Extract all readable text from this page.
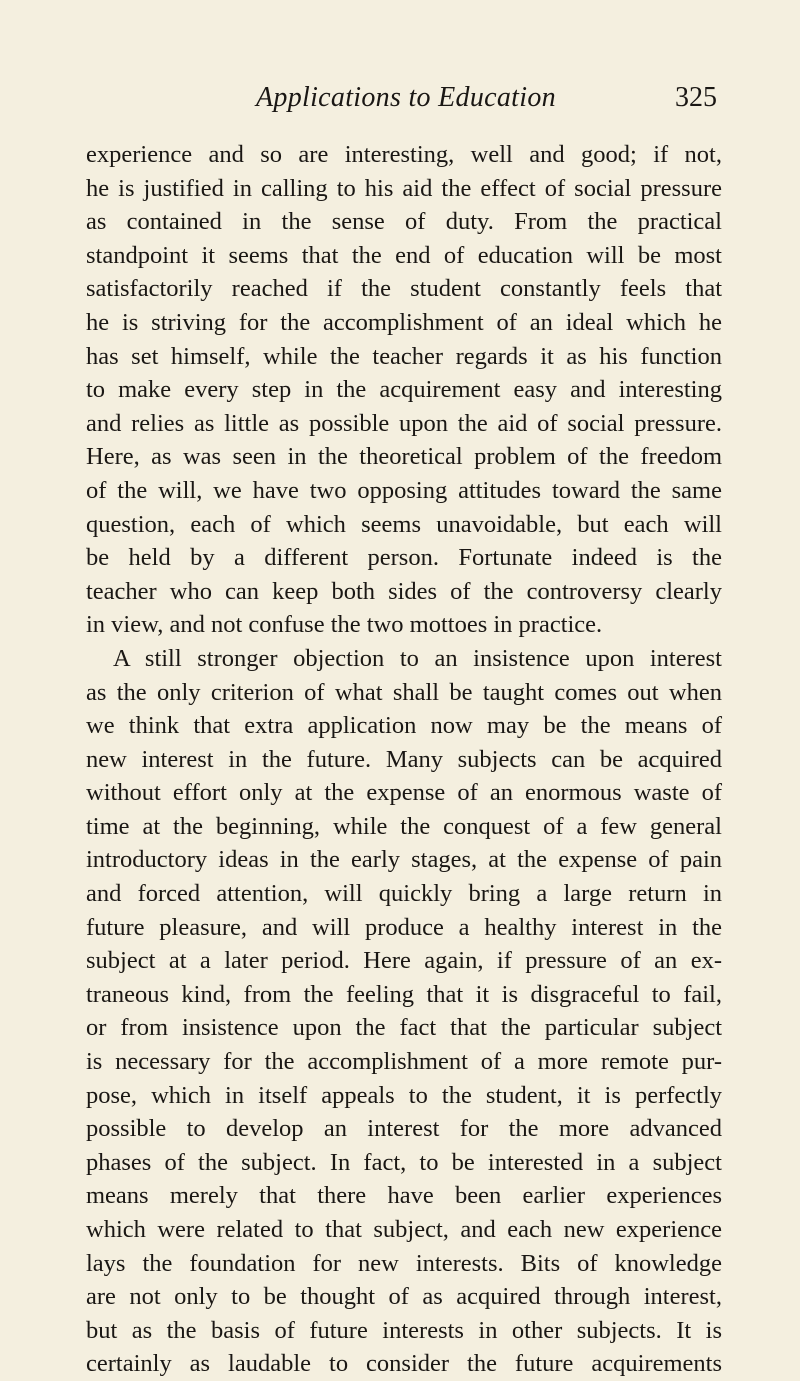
Applications to Education	325
experience and so are interesting, well and good; if not,
he is justified in calling to his aid the effect of social pressure
as contained in the sense of duty. From the practical
standpoint it seems that the end of education will be most
satisfactorily reached if the student constantly feels that
he is striving for the accomplishment of an ideal which he
has set himself, while the teacher regards it as his function
to make every step in the acquirement easy and interesting
and relies as little as possible upon the aid of social pressure.
Here, as was seen in the theoretical problem of the freedom
of the will, we have two opposing attitudes toward the same
question, each of which seems unavoidable, but each will
be held by a different person. Fortunate indeed is the
teacher who can keep both sides of the controversy clearly
in view, and not confuse the two mottoes in practice.
A still stronger objection to an insistence upon interest
as the only criterion of what shall be taught comes out when
we think that extra application now may be the means of
new interest in the future. Many subjects can be acquired
without effort only at the expense of an enormous waste of
time at the beginning, while the conquest of a few general
introductory ideas in the early stages, at the expense of pain
and forced attention, will quickly bring a large return in
future pleasure, and will produce a healthy interest in the
subject at a later period. Here again, if pressure of an ex-
traneous kind, from the feeling that it is disgraceful to fail,
or from insistence upon the fact that the particular subject
is necessary for the accomplishment of a more remote pur-
pose, which in itself appeals to the student, it is perfectly
possible to develop an interest for the more advanced
phases of the subject. In fact, to be interested in a subject
means merely that there have been earlier experiences
which were related to that subject, and each new experience
lays the foundation for new interests. Bits of knowledge
are not only to be thought of as acquired through interest,
but as the basis of future interests in other subjects. It is
certainly as laudable to consider the future acquirements
